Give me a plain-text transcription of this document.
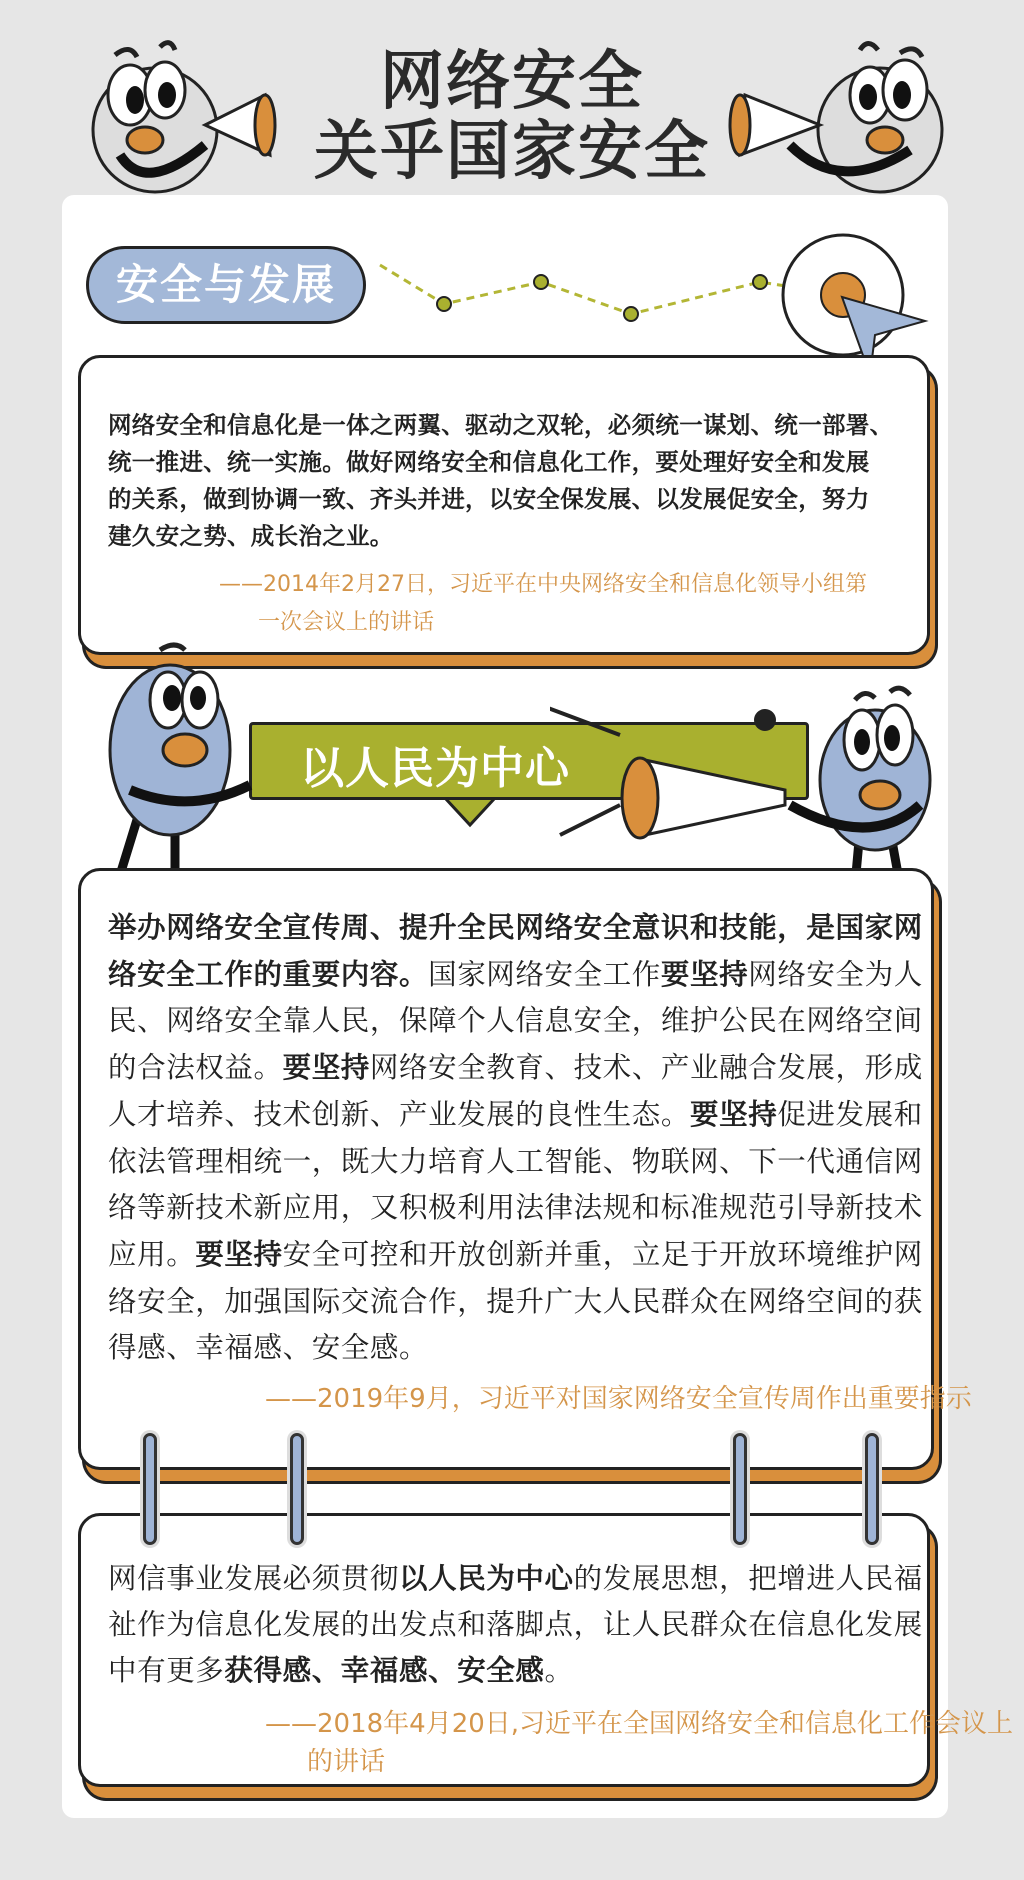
网络安全
关乎国家安全
安全与发展
网络安全和信息化是一体之两翼、驱动之双轮，必须统一谋划、统一部署、
统一推进、统一实施。做好网络安全和信息化工作，要处理好安全和发展
的关系，做到协调一致、齐头并进，以安全保发展、以发展促安全，努力
建久安之势、成长治之业。
——2014年2月27日，习近平在中央网络安全和信息化领导小组第
一次会议上的讲话
以人民为中心
举办网络安全宣传周、提升全民网络安全意识和技能，是国家网
络安全工作的重要内容。国家网络安全工作要坚持网络安全为人
民、网络安全靠人民，保障个人信息安全，维护公民在网络空间
的合法权益。要坚持网络安全教育、技术、产业融合发展，形成
人才培养、技术创新、产业发展的良性生态。要坚持促进发展和
依法管理相统一，既大力培育人工智能、物联网、下一代通信网
络等新技术新应用，又积极利用法律法规和标准规范引导新技术
应用。要坚持安全可控和开放创新并重，立足于开放环境维护网
络安全，加强国际交流合作，提升广大人民群众在网络空间的获
得感、幸福感、安全感。
——2019年9月，习近平对国家网络安全宣传周作出重要指示
网信事业发展必须贯彻以人民为中心的发展思想，把增进人民福
祉作为信息化发展的出发点和落脚点，让人民群众在信息化发展
中有更多获得感、幸福感、安全感。
——2018年4月20日,习近平在全国网络安全和信息化工作会议上
的讲话
